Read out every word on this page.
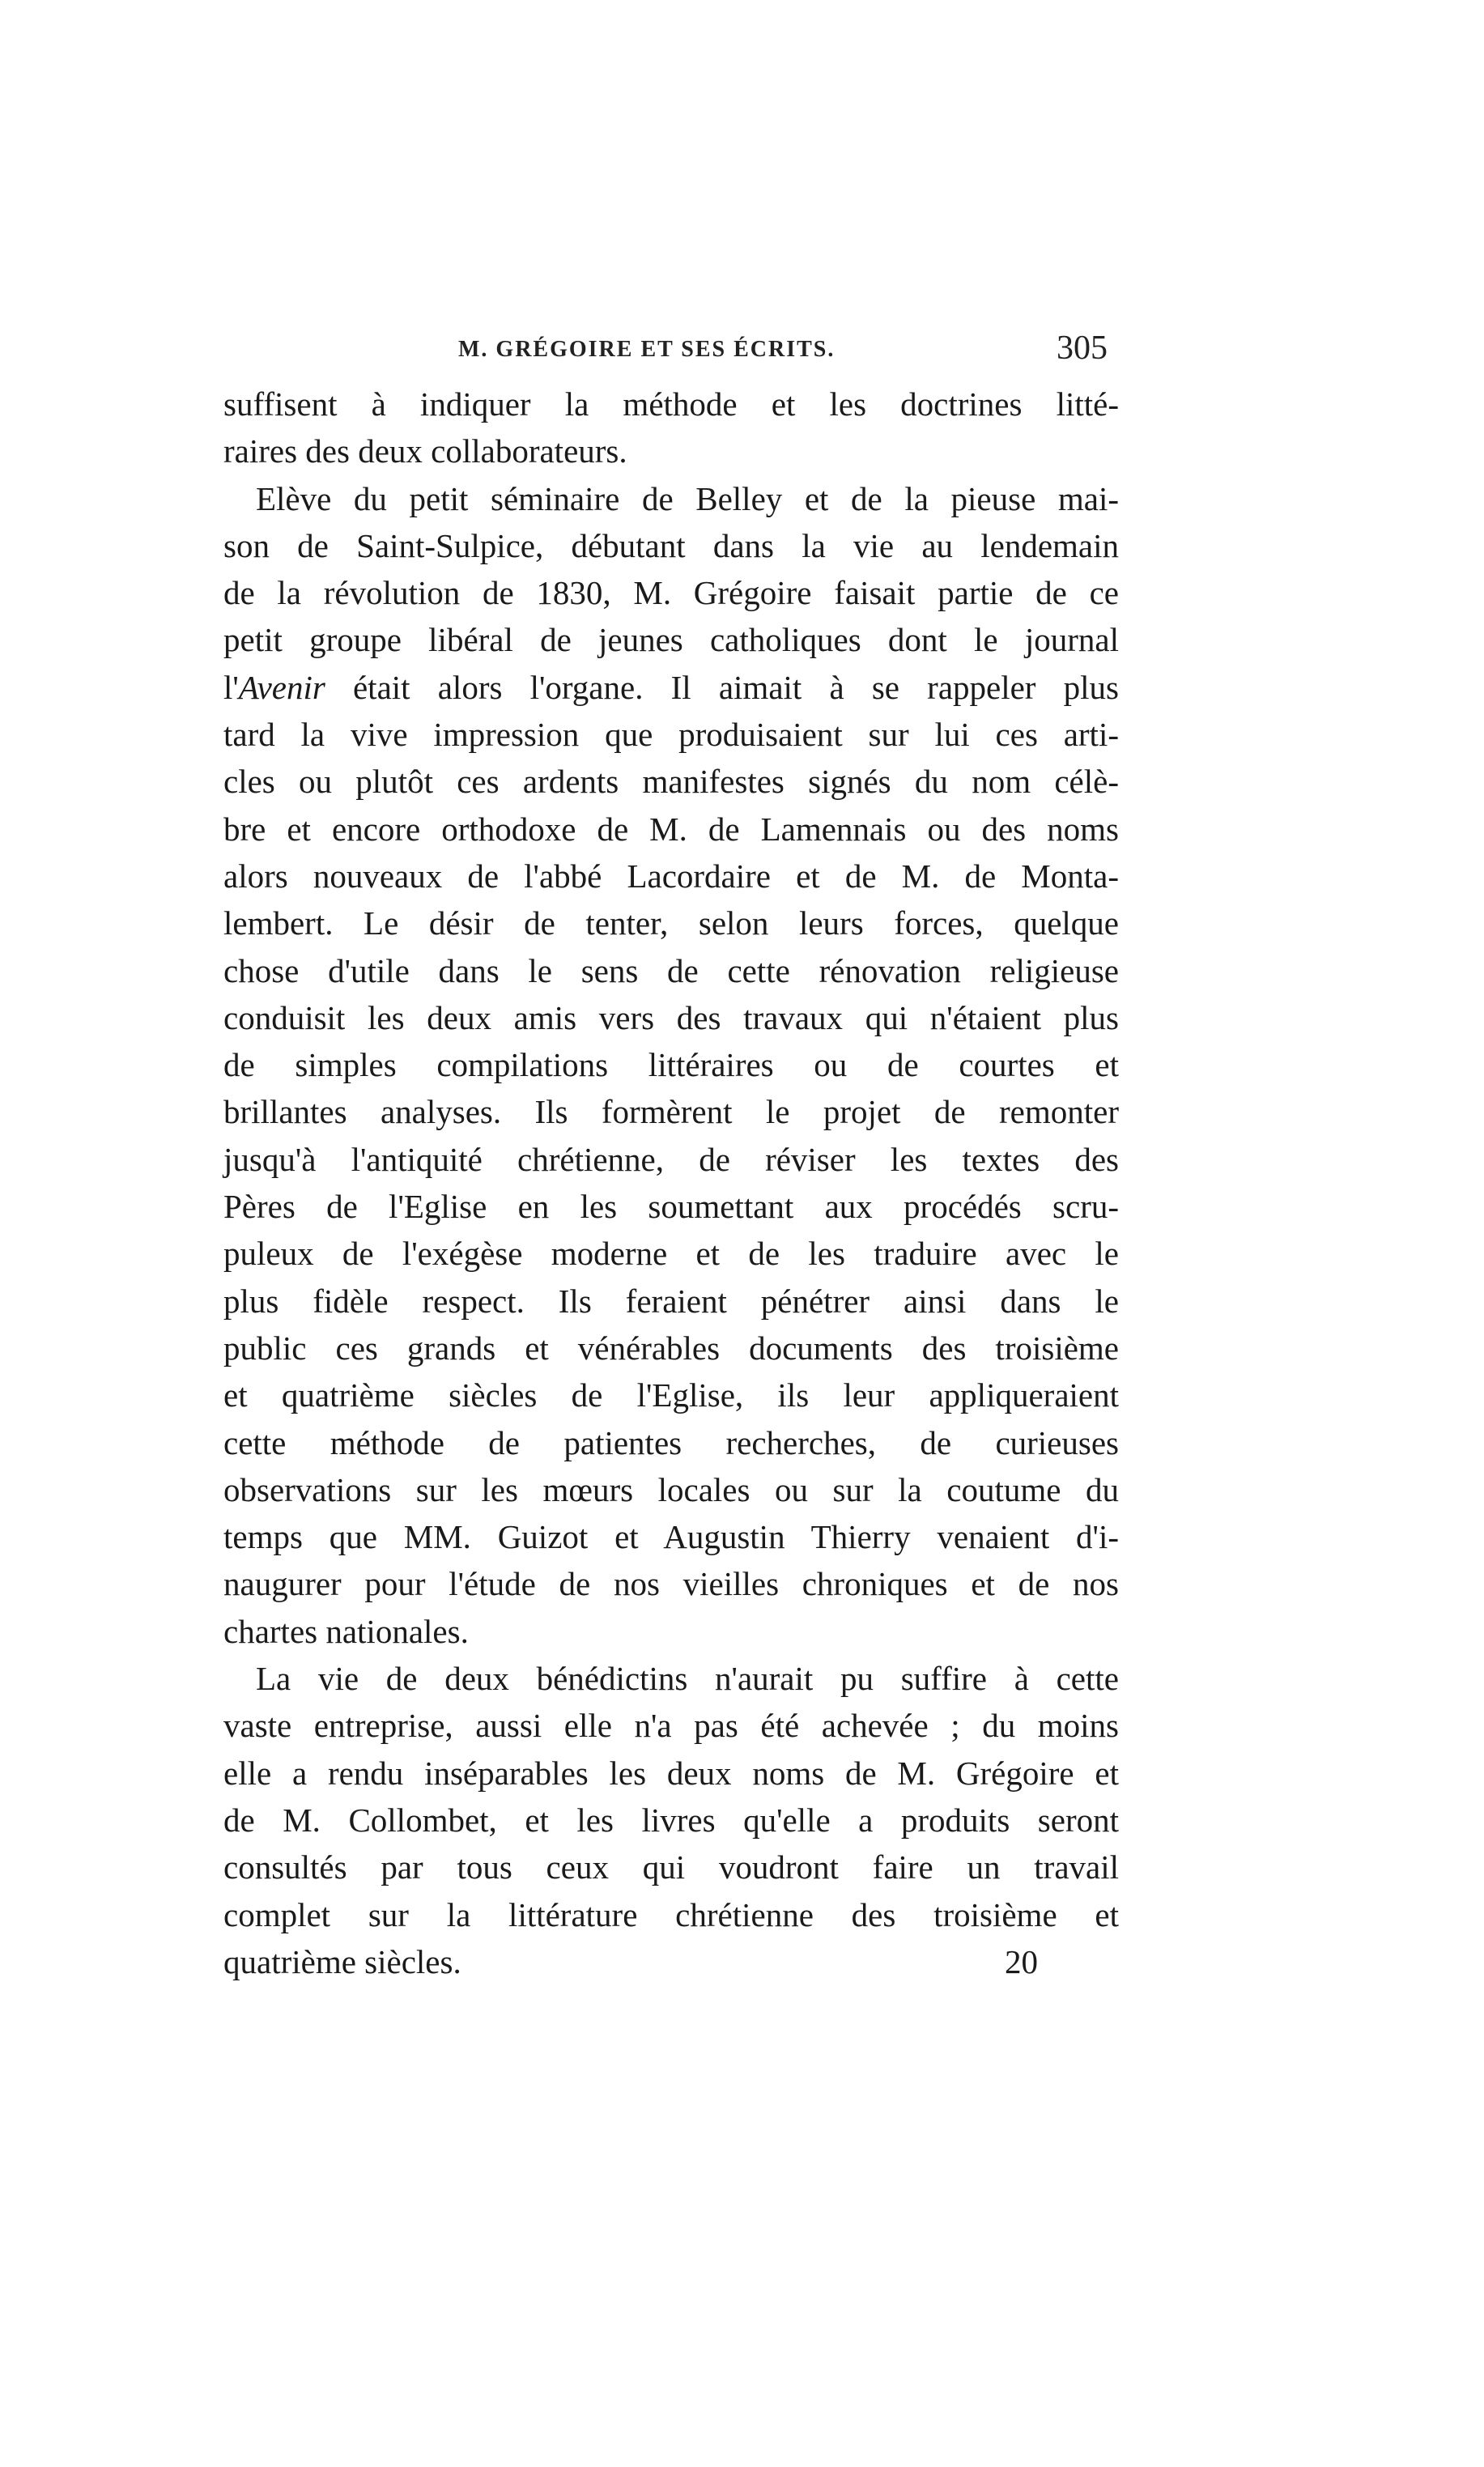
M. GRÉGOIRE ET SES ÉCRITS.	305
suffisent à indiquer la méthode et les doctrines litté-
raires des deux collaborateurs.
Elève du petit séminaire de Belley et de la pieuse mai-
son de Saint-Sulpice, débutant dans la vie au lendemain
de la révolution de 1830, M. Grégoire faisait partie de ce
petit groupe libéral de jeunes catholiques dont le journal
l'Avenir était alors l'organe. Il aimait à se rappeler plus
tard la vive impression que produisaient sur lui ces arti-
cles ou plutôt ces ardents manifestes signés du nom célè-
bre et encore orthodoxe de M. de Lamennais ou des noms
alors nouveaux de l'abbé Lacordaire et de M. de Monta-
lembert. Le désir de tenter, selon leurs forces, quelque
chose d'utile dans le sens de cette rénovation religieuse
conduisit les deux amis vers des travaux qui n'étaient plus
de simples compilations littéraires ou de courtes et
brillantes analyses. Ils formèrent le projet de remonter
jusqu'à l'antiquité chrétienne, de réviser les textes des
Pères de l'Eglise en les soumettant aux procédés scru-
puleux de l'exégèse moderne et de les traduire avec le
plus fidèle respect. Ils feraient pénétrer ainsi dans le
public ces grands et vénérables documents des troisième
et quatrième siècles de l'Eglise, ils leur appliqueraient
cette méthode de patientes recherches, de curieuses
observations sur les mœurs locales ou sur la coutume du
temps que MM. Guizot et Augustin Thierry venaient d'i-
naugurer pour l'étude de nos vieilles chroniques et de nos
chartes nationales.
La vie de deux bénédictins n'aurait pu suffire à cette
vaste entreprise, aussi elle n'a pas été achevée ; du moins
elle a rendu inséparables les deux noms de M. Grégoire et
de M. Collombet, et les livres qu'elle a produits seront
consultés par tous ceux qui voudront faire un travail
complet sur la littérature chrétienne des troisième et
quatrième siècles.	20
